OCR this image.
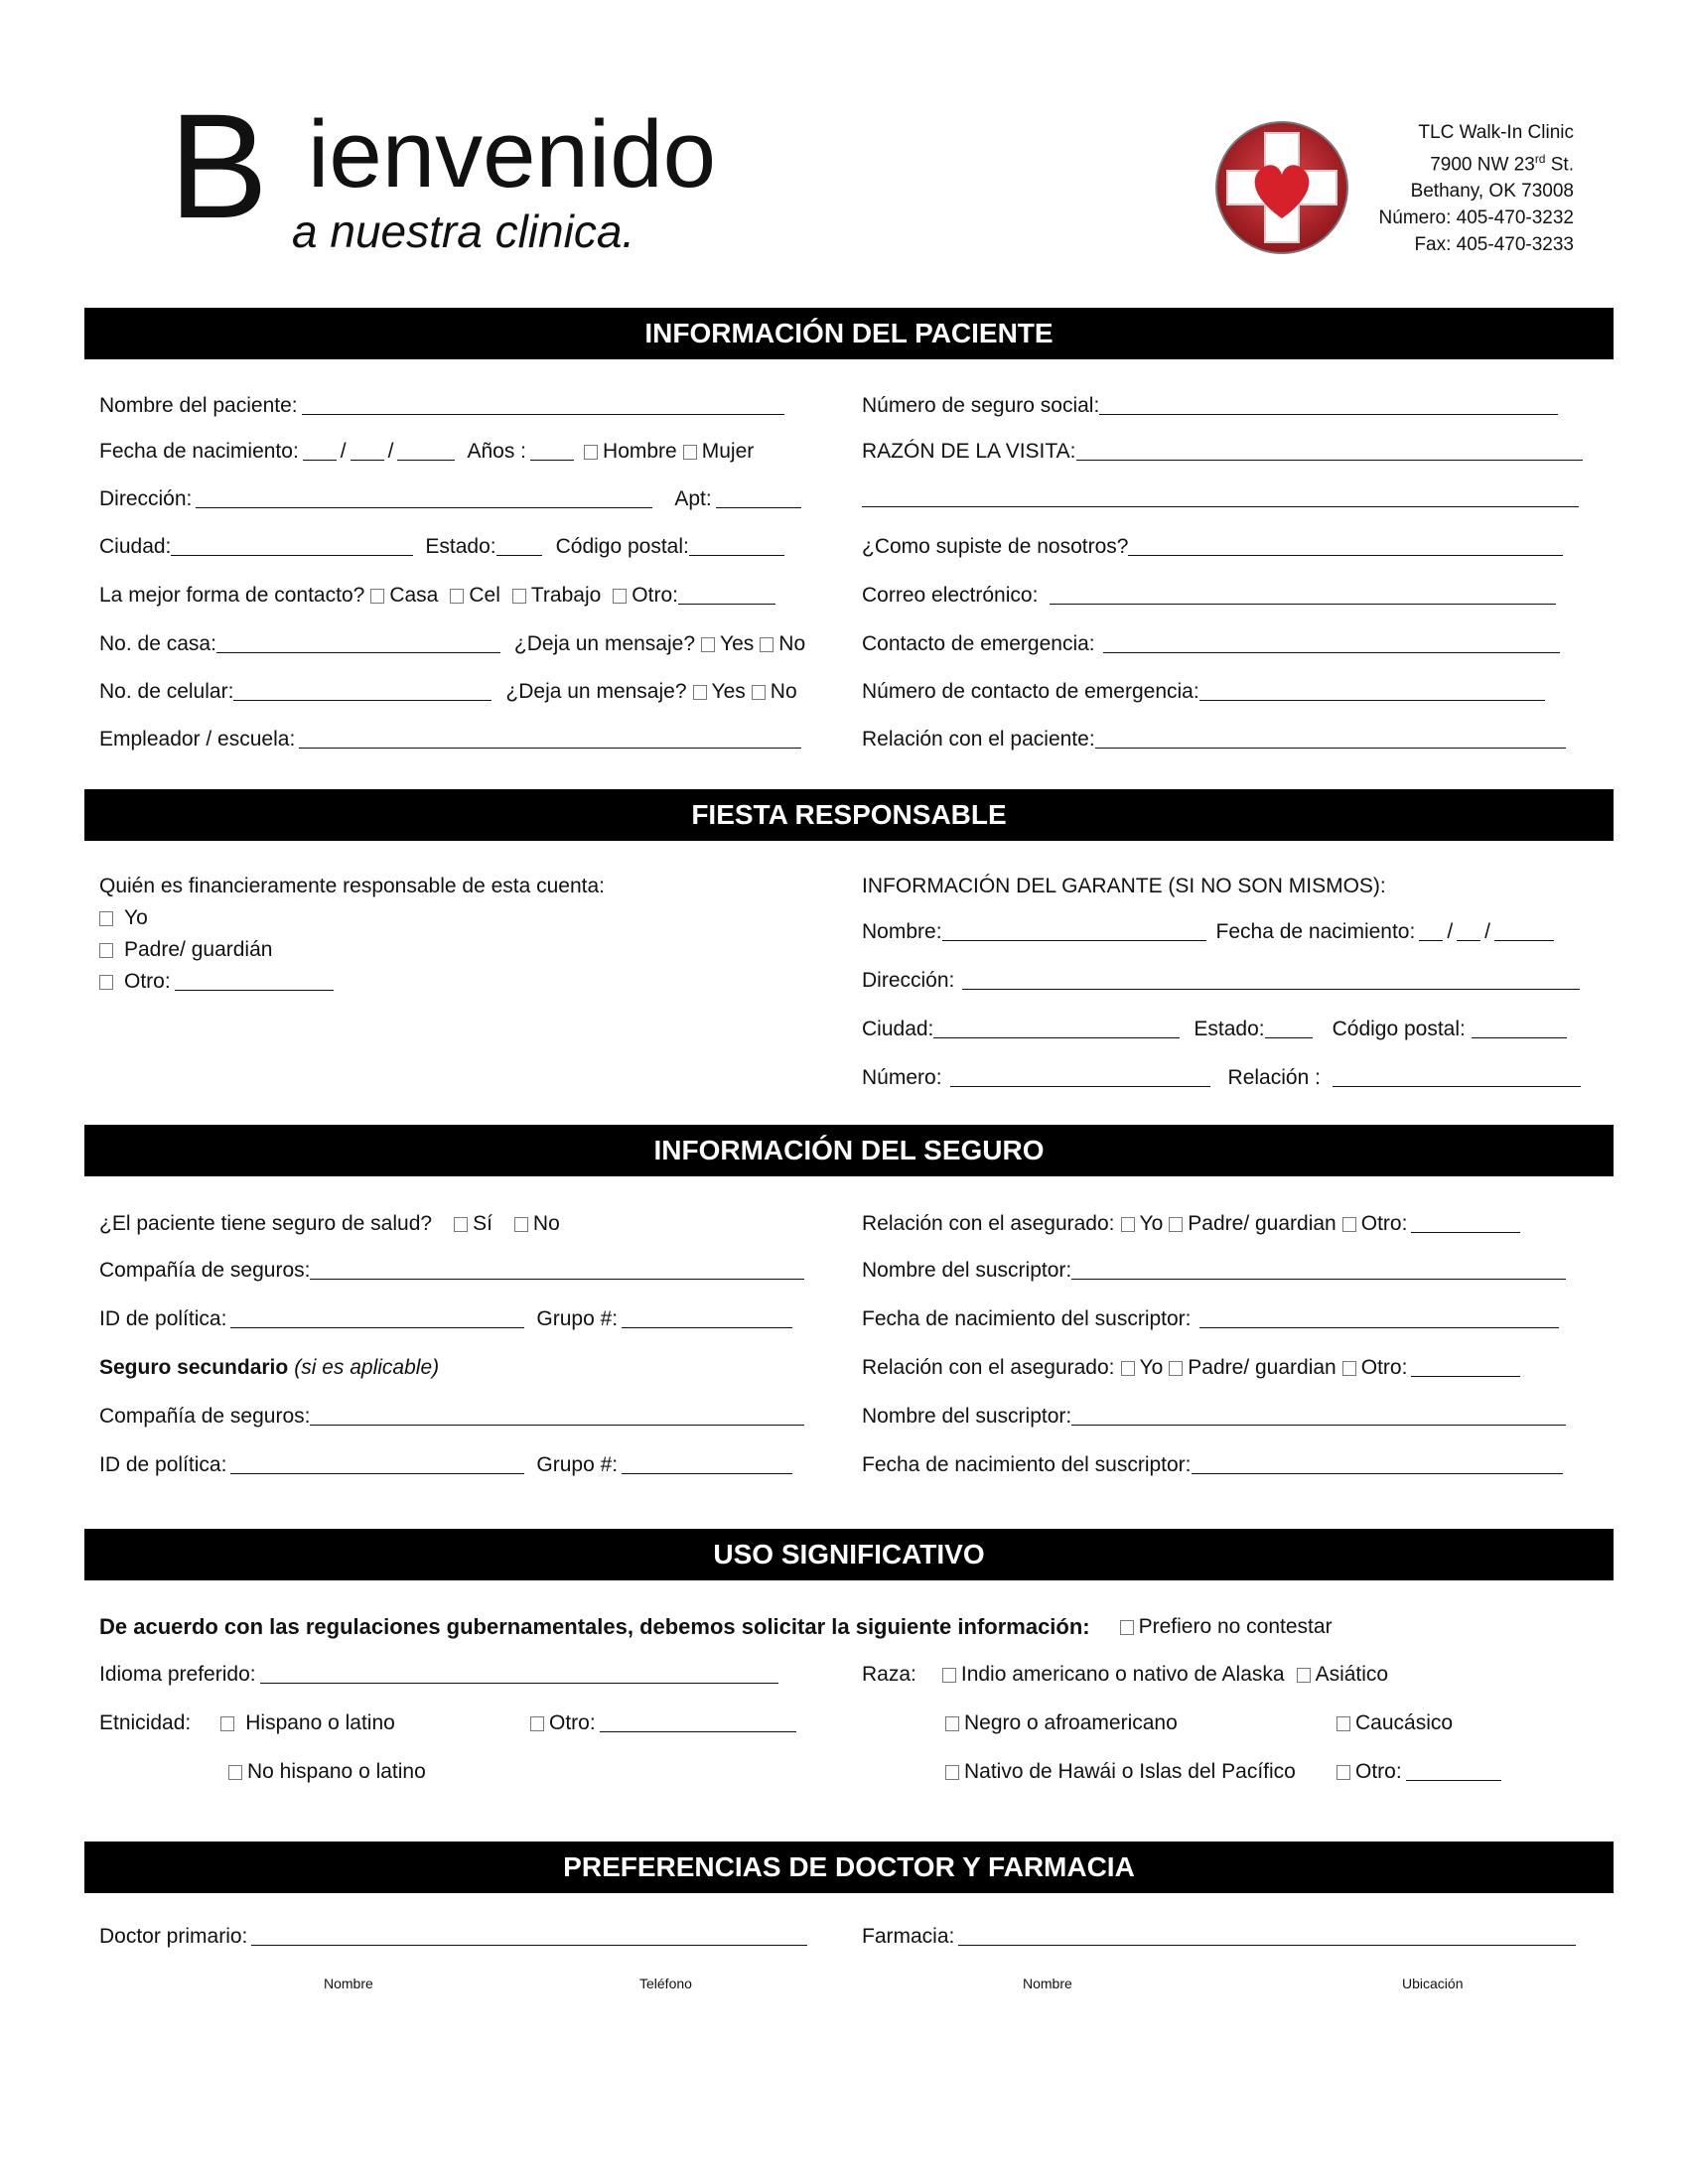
B ienvenido
a nuestra clinica.
TLC Walk-In Clinic
7900 NW 23rd St.
Bethany, OK 73008
Número: 405-470-3232
Fax: 405-470-3233
INFORMACIÓN DEL PACIENTE
Nombre del paciente:
Fecha de nacimiento: / /	Años :	Hombre Mujer
Dirección:	Apt:
Ciudad:	Estado:	Código postal:
La mejor forma de contacto? Casa Cel Trabajo Otro:
No. de casa:	¿Deja un mensaje? Yes No
No. de celular:	¿Deja un mensaje? Yes No
Empleador / escuela:
Número de seguro social:
RAZÓN DE LA VISITA:
¿Como supiste de nosotros?
Correo electrónico:
Contacto de emergencia:
Número de contacto de emergencia:
Relación con el paciente:
FIESTA RESPONSABLE
Quién es financieramente responsable de esta cuenta:
Yo
Padre/ guardián
Otro:
INFORMACIÓN DEL GARANTE (SI NO SON MISMOS):
Nombre:	Fecha de nacimiento: / /
Dirección:
Ciudad:	Estado:	Código postal:
Número:	Relación :
INFORMACIÓN DEL SEGURO
¿El paciente tiene seguro de salud? Sí No
Compañía de seguros:
ID de política:	Grupo #:
Seguro secundario (si es aplicable)
Compañía de seguros:
ID de política:	Grupo #:
Relación con el asegurado: Yo Padre/ guardian Otro:
Nombre del suscriptor:
Fecha de nacimiento del suscriptor:
Relación con el asegurado: Yo Padre/ guardian Otro:
Nombre del suscriptor:
Fecha de nacimiento del suscriptor:
USO SIGNIFICATIVO
De acuerdo con las regulaciones gubernamentales, debemos solicitar la siguiente información: Prefiero no contestar
Idioma preferido:
Etnicidad:	Hispano o latino	Otro:
No hispano o latino
Raza: Indio americano o nativo de Alaska Asiático
Negro o afroamericano	Caucásico
Nativo de Hawái o Islas del Pacífico	Otro:
PREFERENCIAS DE DOCTOR Y FARMACIA
Doctor primario:	Farmacia:
Nombre	Teléfono	Nombre	Ubicación
